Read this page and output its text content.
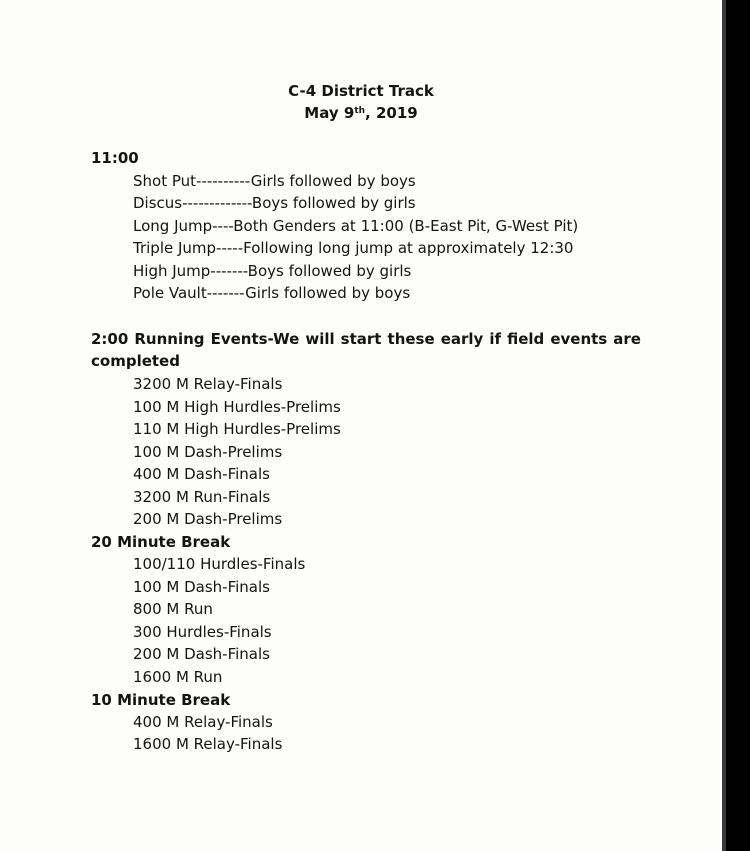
C-4 District Track
May 9th, 2019
11:00
Shot Put----------Girls followed by boys
Discus-------------Boys followed by girls
Long Jump----Both Genders at 11:00 (B-East Pit, G-West Pit)
Triple Jump-----Following long jump at approximately 12:30
High Jump-------Boys followed by girls
Pole Vault-------Girls followed by boys
2:00 Running Events-We will start these early if field events are
completed
3200 M Relay-Finals
100 M High Hurdles-Prelims
110 M High Hurdles-Prelims
100 M Dash-Prelims
400 M Dash-Finals
3200 M Run-Finals
200 M Dash-Prelims
20 Minute Break
100/110 Hurdles-Finals
100 M Dash-Finals
800 M Run
300 Hurdles-Finals
200 M Dash-Finals
1600 M Run
10 Minute Break
400 M Relay-Finals
1600 M Relay-Finals
